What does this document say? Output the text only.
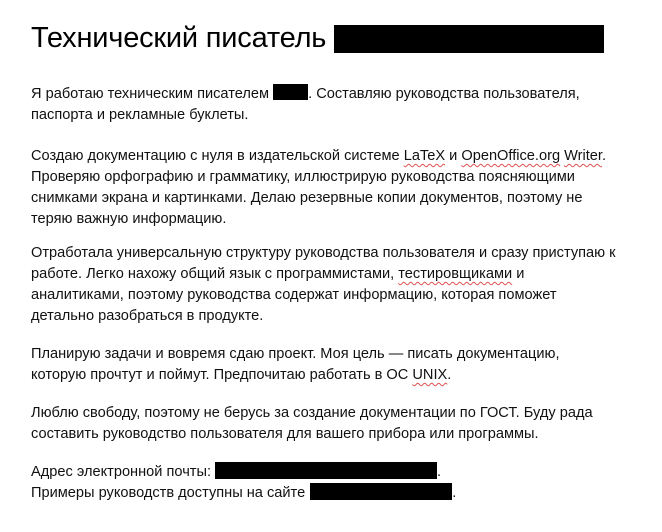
Технический писатель
Я работаю техническим писателем . Составляю руководства пользователя,
паспорта и рекламные буклеты.
Создаю документацию с нуля в издательской системе LaTeX и OpenOffice.org Writer.
Проверяю орфографию и грамматику, иллюстрирую руководства поясняющими
снимками экрана и картинками. Делаю резервные копии документов, поэтому не
теряю важную информацию.
Отработала универсальную структуру руководства пользователя и сразу приступаю к
работе. Легко нахожу общий язык с программистами, тестировщиками и
аналитиками, поэтому руководства содержат информацию, которая поможет
детально разобраться в продукте.
Планирую задачи и вовремя сдаю проект. Моя цель — писать документацию,
которую прочтут и поймут. Предпочитаю работать в ОС UNIX.
Люблю свободу, поэтому не берусь за создание документации по ГОСТ. Буду рада
составить руководство пользователя для вашего прибора или программы.
Адрес электронной почты:	.
Примеры руководств доступны на сайте	.
